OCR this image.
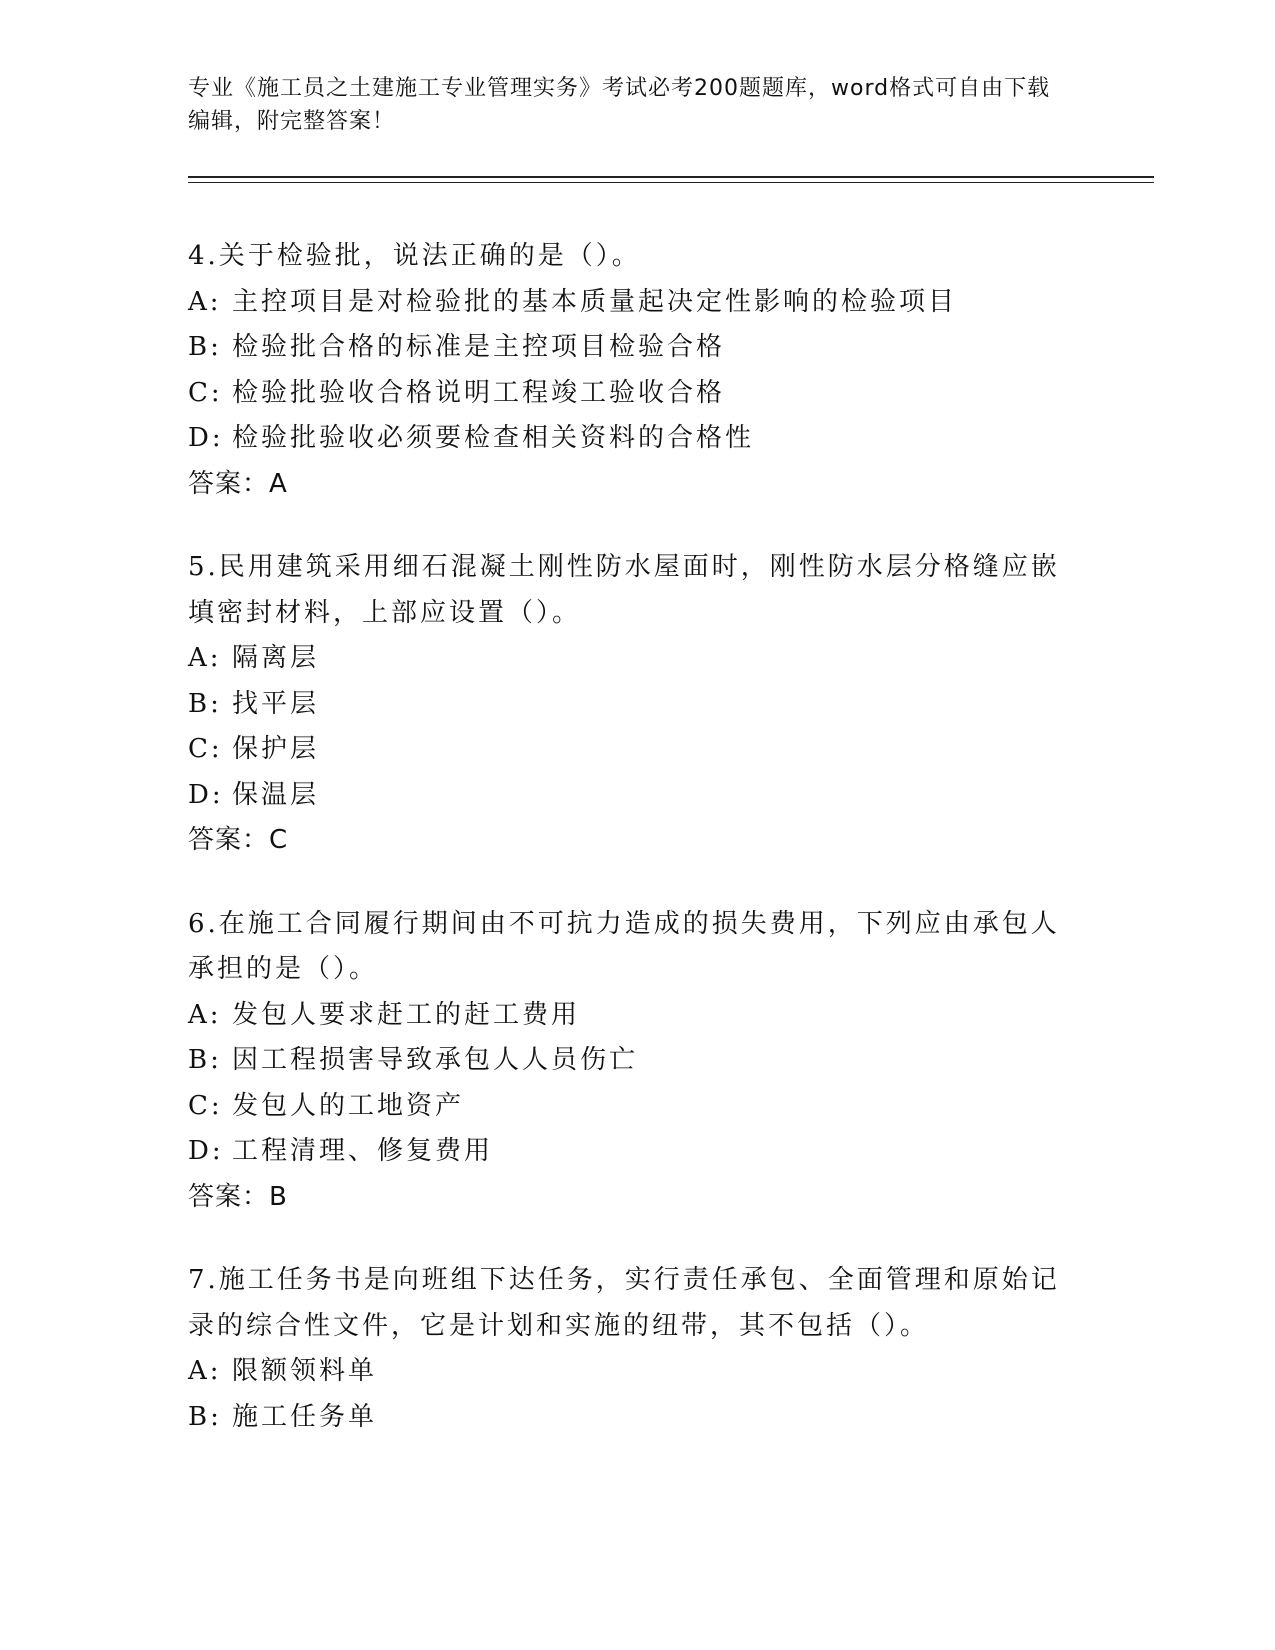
专业《施工员之土建施工专业管理实务》考试必考200题题库，word格式可自由下载编辑，附完整答案！
4.关于检验批，说法正确的是（）。
A: 主控项目是对检验批的基本质量起决定性影响的检验项目
B: 检验批合格的标准是主控项目检验合格
C: 检验批验收合格说明工程竣工验收合格
D: 检验批验收必须要检查相关资料的合格性
答案：A
5.民用建筑采用细石混凝土刚性防水屋面时，刚性防水层分格缝应嵌填密封材料，上部应设置（）。
A: 隔离层
B: 找平层
C: 保护层
D: 保温层
答案：C
6.在施工合同履行期间由不可抗力造成的损失费用，下列应由承包人承担的是（）。
A: 发包人要求赶工的赶工费用
B: 因工程损害导致承包人人员伤亡
C: 发包人的工地资产
D: 工程清理、修复费用
答案：B
7.施工任务书是向班组下达任务，实行责任承包、全面管理和原始记录的综合性文件，它是计划和实施的纽带，其不包括（）。
A: 限额领料单
B: 施工任务单
